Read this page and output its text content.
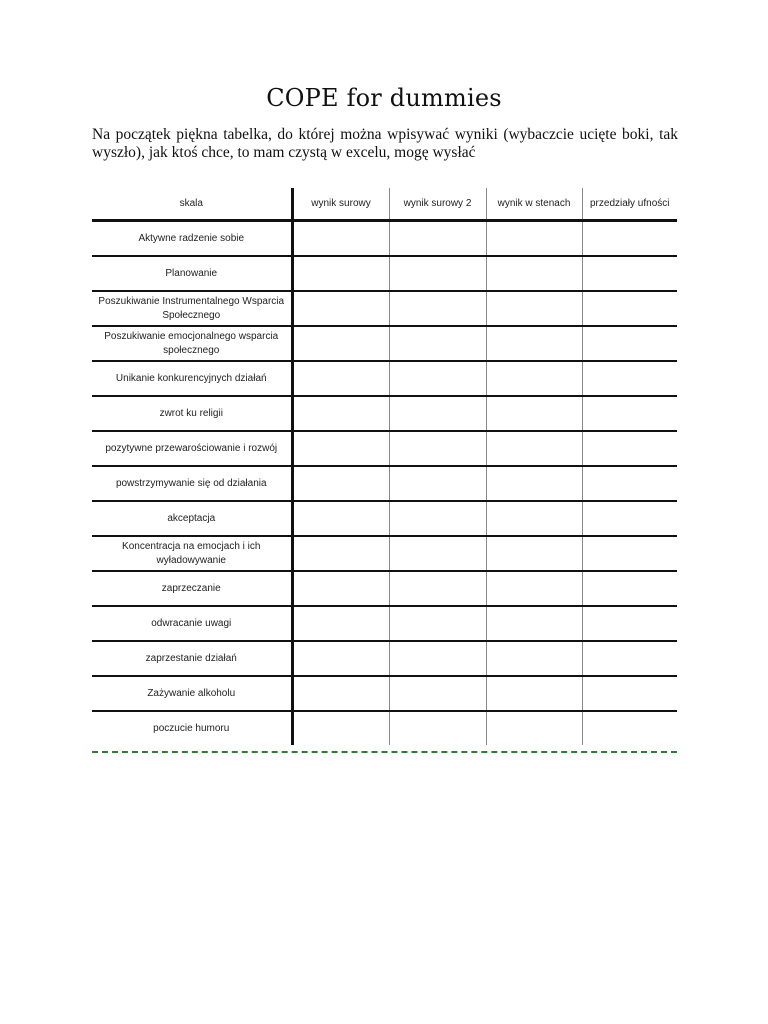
COPE for dummies
Na początek piękna tabelka, do której można wpisywać wyniki (wybaczcie ucięte boki, tak wyszło), jak ktoś chce, to mam czystą w excelu, mogę wysłać
skala	wynik surowy	wynik surowy 2	wynik w stenach	przedziały ufności
Aktywne radzenie sobie				
Planowanie				
Poszukiwanie Instrumentalnego Wsparcia Społecznego				
Poszukiwanie emocjonalnego wsparcia społecznego				
Unikanie konkurencyjnych działań				
zwrot ku religii				
pozytywne przewarościowanie i rozwój				
powstrzymywanie się od działania				
akceptacja				
Koncentracja na emocjach i ich wyładowywanie				
zaprzeczanie				
odwracanie uwagi				
zaprzestanie działań				
Zażywanie alkoholu				
poczucie humoru				
